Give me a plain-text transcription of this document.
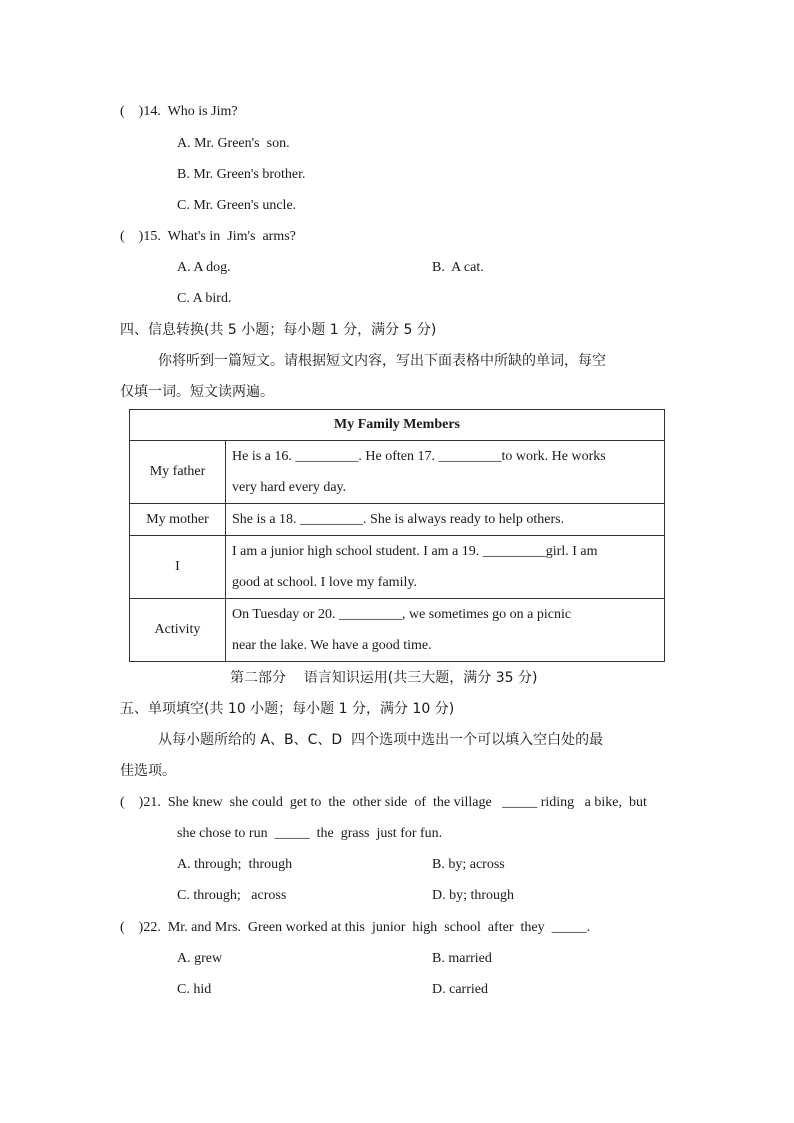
(    )14.  Who is Jim?
A. Mr. Green's  son.
B. Mr. Green's brother.
C. Mr. Green's uncle.
(    )15.  What's in  Jim's  arms?
A. A dog.	B.  A cat.
C. A bird.
四、信息转换(共 5 小题；每小题 1 分，满分 5 分)
你将听到一篇短文。请根据短文内容，写出下面表格中所缺的单词，每空
仅填一词。短文读两遍。
My Family Members	
My father	He is a 16. _________. He often 17. _________to work. He works
very hard every day.

My mother	She is a 18. _________. She is always ready to help others.

I	I am a junior high school student. I am a 19. _________girl. I am
good at school. I love my family.

Activity	On Tuesday or 20. _________, we sometimes go on a picnic
near the lake. We have a good time.
第二部分    语言知识运用(共三大题，满分 35 分)
五、单项填空(共 10 小题；每小题 1 分，满分 10 分)
从每小题所给的 A、B、C、D  四个选项中选出一个可以填入空白处的最
佳选项。
(    )21.  She knew  she could  get to  the  other side  of  the village   _____ riding   a bike,  but
she chose to run  _____  the  grass  just for fun.
A. through;  through	B. by; across
C. through;   across	D. by; through
(    )22.  Mr. and Mrs.  Green worked at this  junior  high  school  after  they  _____.
A. grew	B. married
C. hid	D. carried
